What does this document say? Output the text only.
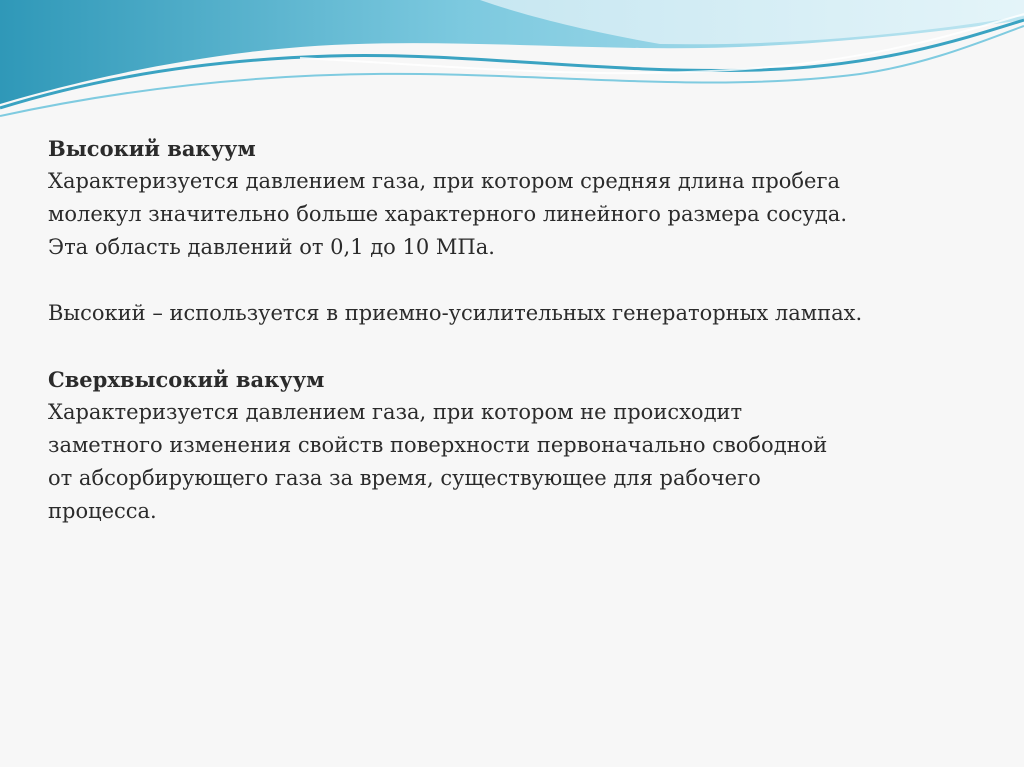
Высокий вакуум

Характеризуется давлением газа, при котором средняя длина пробега

молекул значительно больше характерного линейного размера сосуда.

Эта область давлений от 0,1 до 10 МПа.

Высокий – используется в приемно-усилительных генераторных лампах.

Сверхвысокий вакуум

Характеризуется давлением газа, при котором не происходит

заметного изменения свойств поверхности первоначально свободной

от абсорбирующего газа за время, существующее для рабочего

процесса.
